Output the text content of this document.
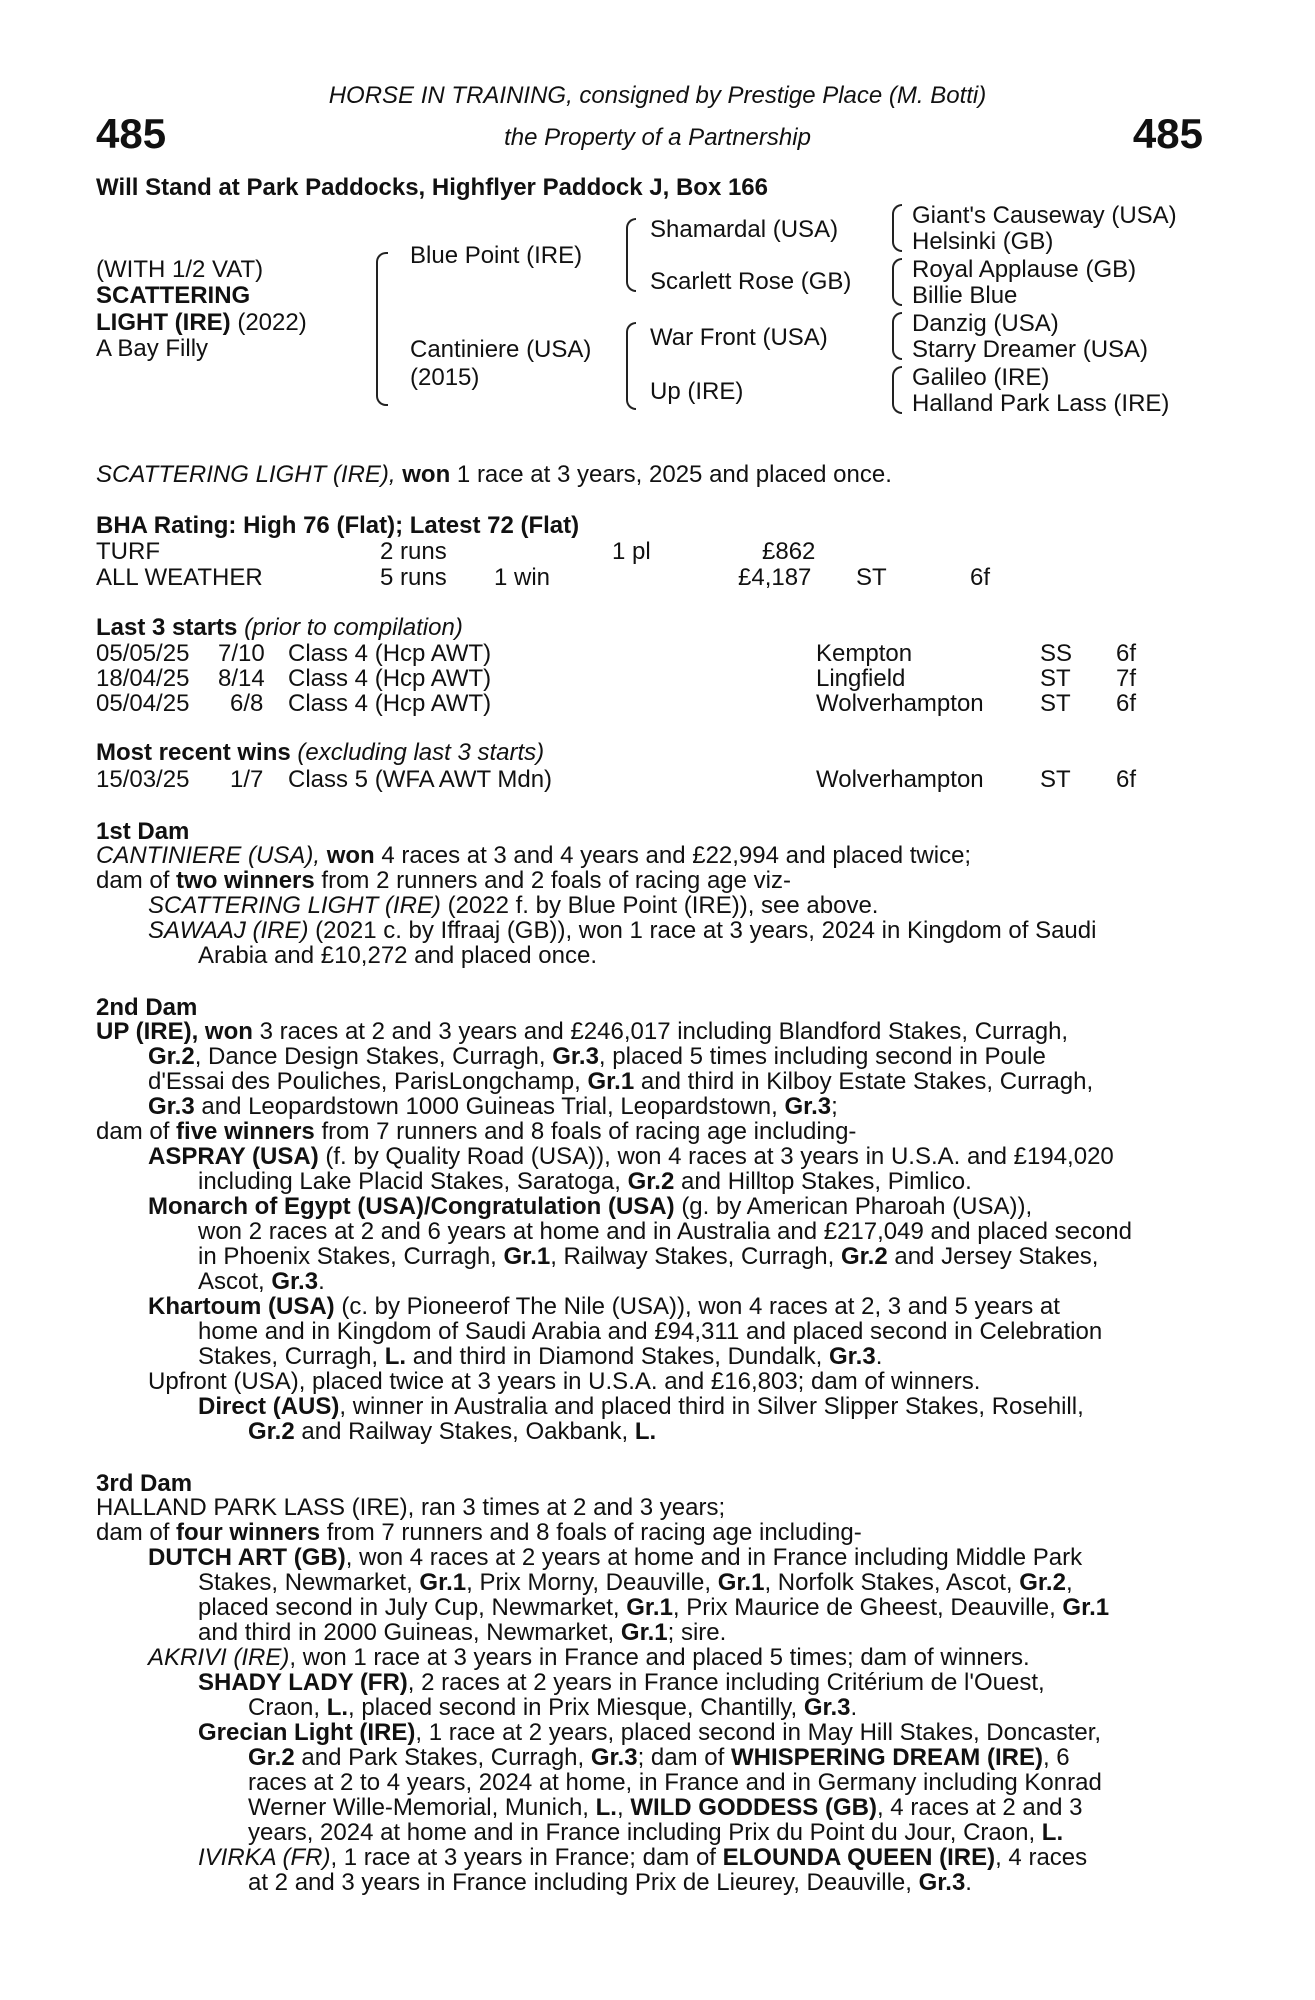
485	485
HORSE IN TRAINING, consigned by Prestige Place (M. Botti)
the Property of a Partnership
Will Stand at Park Paddocks, Highflyer Paddock J, Box 166
(WITH 1/2 VAT)
SCATTERING
LIGHT (IRE) (2022)
A Bay Filly
Blue Point (IRE)
Cantiniere (USA)
(2015)
Shamardal (USA)
Scarlett Rose (GB)
War Front (USA)
Up (IRE)
Giant's Causeway (USA)
Helsinki (GB)
Royal Applause (GB)
Billie Blue
Danzig (USA)
Starry Dreamer (USA)
Galileo (IRE)
Halland Park Lass (IRE)
SCATTERING LIGHT (IRE), won 1 race at 3 years, 2025 and placed once.
BHA Rating: High 76 (Flat); Latest 72 (Flat)
TURF	2 runs	1 pl	£862
ALL WEATHER	5 runs 1 win	£4,187 ST	6f
Last 3 starts (prior to compilation)
05/05/25 7/10 Class 4 (Hcp AWT)	Kempton	SS 6f
18/04/25 8/14 Class 4 (Hcp AWT)	Lingfield	ST 7f
05/04/25 6/8 Class 4 (Hcp AWT)	Wolverhampton ST 6f
Most recent wins (excluding last 3 starts)
15/03/25 1/7 Class 5 (WFA AWT Mdn)	Wolverhampton ST 6f
1st Dam
CANTINIERE (USA), won 4 races at 3 and 4 years and £22,994 and placed twice;
dam of two winners from 2 runners and 2 foals of racing age viz-
SCATTERING LIGHT (IRE) (2022 f. by Blue Point (IRE)), see above.
SAWAAJ (IRE) (2021 c. by Iffraaj (GB)), won 1 race at 3 years, 2024 in Kingdom of Saudi
Arabia and £10,272 and placed once.
2nd Dam
UP (IRE), won 3 races at 2 and 3 years and £246,017 including Blandford Stakes, Curragh,
Gr.2, Dance Design Stakes, Curragh, Gr.3, placed 5 times including second in Poule
d'Essai des Pouliches, ParisLongchamp, Gr.1 and third in Kilboy Estate Stakes, Curragh,
Gr.3 and Leopardstown 1000 Guineas Trial, Leopardstown, Gr.3;
dam of five winners from 7 runners and 8 foals of racing age including-
ASPRAY (USA) (f. by Quality Road (USA)), won 4 races at 3 years in U.S.A. and £194,020
including Lake Placid Stakes, Saratoga, Gr.2 and Hilltop Stakes, Pimlico.
Monarch of Egypt (USA)/Congratulation (USA) (g. by American Pharoah (USA)),
won 2 races at 2 and 6 years at home and in Australia and £217,049 and placed second
in Phoenix Stakes, Curragh, Gr.1, Railway Stakes, Curragh, Gr.2 and Jersey Stakes,
Ascot, Gr.3.
Khartoum (USA) (c. by Pioneerof The Nile (USA)), won 4 races at 2, 3 and 5 years at
home and in Kingdom of Saudi Arabia and £94,311 and placed second in Celebration
Stakes, Curragh, L. and third in Diamond Stakes, Dundalk, Gr.3.
Upfront (USA), placed twice at 3 years in U.S.A. and £16,803; dam of winners.
Direct (AUS), winner in Australia and placed third in Silver Slipper Stakes, Rosehill,
Gr.2 and Railway Stakes, Oakbank, L.
3rd Dam
HALLAND PARK LASS (IRE), ran 3 times at 2 and 3 years;
dam of four winners from 7 runners and 8 foals of racing age including-
DUTCH ART (GB), won 4 races at 2 years at home and in France including Middle Park
Stakes, Newmarket, Gr.1, Prix Morny, Deauville, Gr.1, Norfolk Stakes, Ascot, Gr.2,
placed second in July Cup, Newmarket, Gr.1, Prix Maurice de Gheest, Deauville, Gr.1
and third in 2000 Guineas, Newmarket, Gr.1; sire.
AKRIVI (IRE), won 1 race at 3 years in France and placed 5 times; dam of winners.
SHADY LADY (FR), 2 races at 2 years in France including Critérium de l'Ouest,
Craon, L., placed second in Prix Miesque, Chantilly, Gr.3.
Grecian Light (IRE), 1 race at 2 years, placed second in May Hill Stakes, Doncaster,
Gr.2 and Park Stakes, Curragh, Gr.3; dam of WHISPERING DREAM (IRE), 6
races at 2 to 4 years, 2024 at home, in France and in Germany including Konrad
Werner Wille-Memorial, Munich, L., WILD GODDESS (GB), 4 races at 2 and 3
years, 2024 at home and in France including Prix du Point du Jour, Craon, L.
IVIRKA (FR), 1 race at 3 years in France; dam of ELOUNDA QUEEN (IRE), 4 races
at 2 and 3 years in France including Prix de Lieurey, Deauville, Gr.3.
